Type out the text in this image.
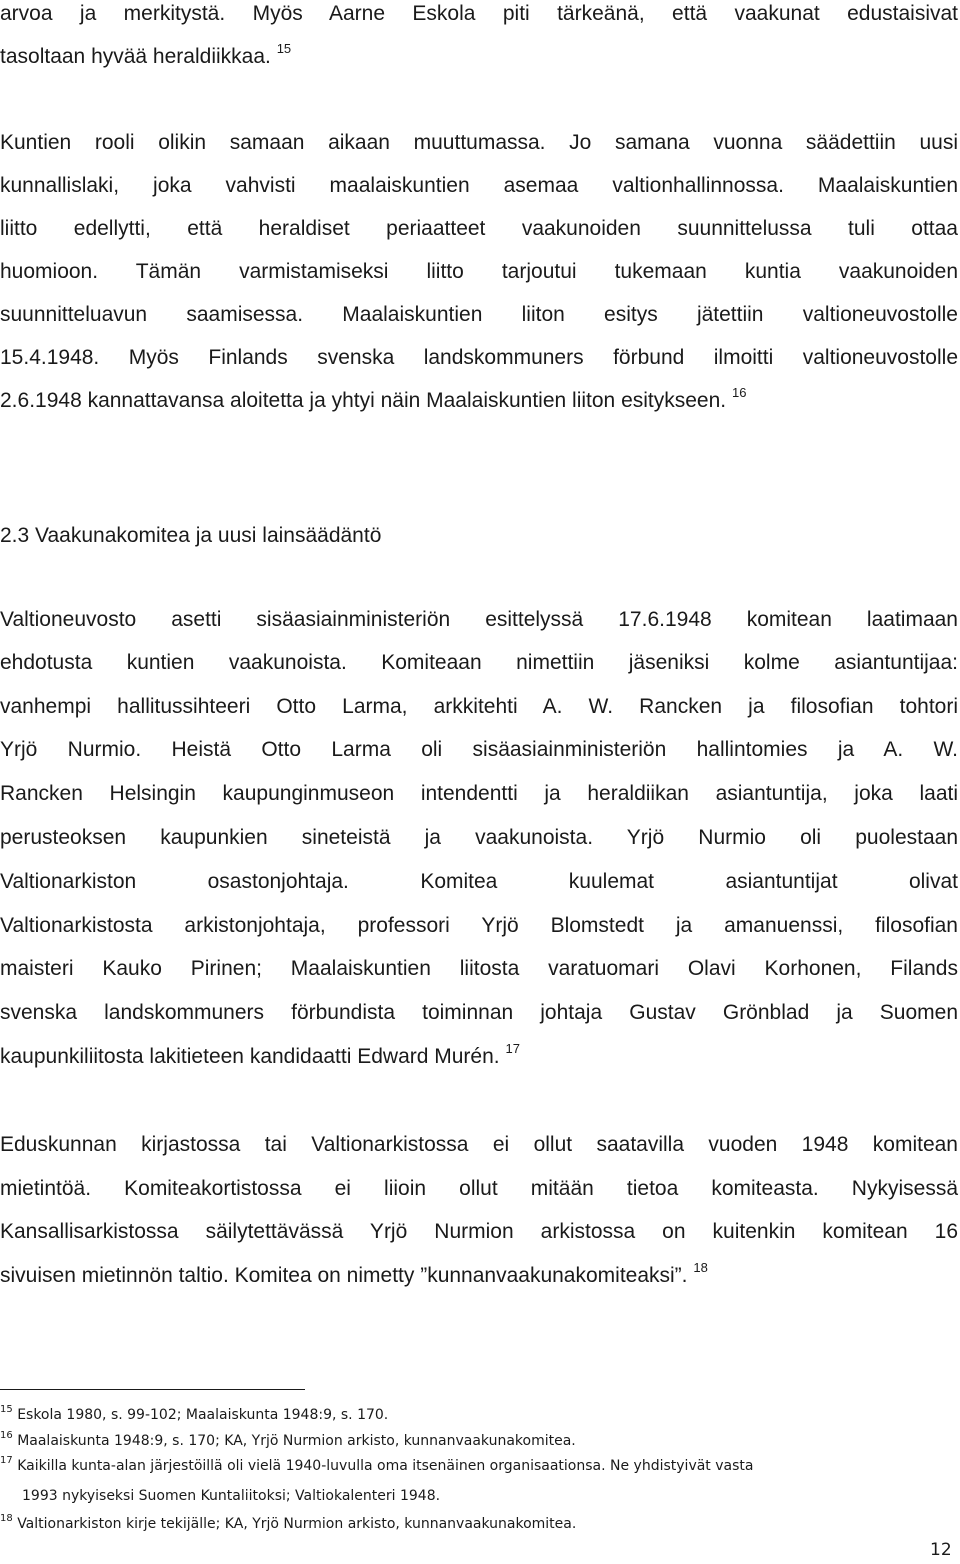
arvoa ja merkitystä. Myös Aarne Eskola piti tärkeänä, että vaakunat edustaisivat
tasoltaan hyvää heraldiikkaa. $^{15}$
Kuntien rooli olikin samaan aikaan muuttumassa. Jo samana vuonna säädettiin uusi
kunnallislaki, joka vahvisti maalaiskuntien asemaa valtionhallinnossa. Maalaiskuntien
liitto edellytti, että heraldiset periaatteet vaakunoiden suunnittelussa tuli ottaa
huomioon. Tämän varmistamiseksi liitto tarjoutui tukemaan kuntia vaakunoiden
suunnitteluavun saamisessa. Maalaiskuntien liiton esitys jätettiin valtioneuvostolle
15.4.1948. Myös Finlands svenska landskommuners förbund ilmoitti valtioneuvostolle
2.6.1948 kannattavansa aloitetta ja yhtyi näin Maalaiskuntien liiton esitykseen. $^{16}$
2.3 Vaakunakomitea ja uusi lainsäädäntö
Valtioneuvosto asetti sisäasiainministeriön esittelyssä 17.6.1948 komitean laatimaan
ehdotusta kuntien vaakunoista. Komiteaan nimettiin jäseniksi kolme asiantuntijaa:
vanhempi hallitussihteeri Otto Larma, arkkitehti A. W. Rancken ja filosofian tohtori
Yrjö Nurmio. Heistä Otto Larma oli sisäasiainministeriön hallintomies ja A. W.
Rancken Helsingin kaupunginmuseon intendentti ja heraldiikan asiantuntija, joka laati
perusteoksen kaupunkien sineteistä ja vaakunoista. Yrjö Nurmio oli puolestaan
Valtionarkiston osastonjohtaja. Komitea kuulemat asiantuntijat olivat
Valtionarkistosta arkistonjohtaja, professori Yrjö Blomstedt ja amanuenssi, filosofian
maisteri Kauko Pirinen; Maalaiskuntien liitosta varatuomari Olavi Korhonen, Filands
svenska landskommuners förbundista toiminnan johtaja Gustav Grönblad ja Suomen
kaupunkiliitosta lakitieteen kandidaatti Edward Murén. $^{17}$
Eduskunnan kirjastossa tai Valtionarkistossa ei ollut saatavilla vuoden 1948 komitean
mietintöä. Komiteakortistossa ei liioin ollut mitään tietoa komiteasta. Nykyisessä
Kansallisarkistossa säilytettävässä Yrjö Nurmion arkistossa on kuitenkin komitean 16
sivuisen mietinnön taltio. Komitea on nimetty ”kunnanvaakunakomiteaksi”. $^{18}$
$^{15}$ Eskola 1980, s. 99-102; Maalaiskunta 1948:9, s. 170.
$^{16}$ Maalaiskunta 1948:9, s. 170; KA, Yrjö Nurmion arkisto, kunnanvaakunakomitea.
$^{17}$ Kaikilla kunta-alan järjestöillä oli vielä 1940-luvulla oma itsenäinen organisaationsa. Ne yhdistyivät vasta
1993 nykyiseksi Suomen Kuntaliitoksi; Valtiokalenteri 1948.
$^{18}$ Valtionarkiston kirje tekijälle; KA, Yrjö Nurmion arkisto, kunnanvaakunakomitea.
12
